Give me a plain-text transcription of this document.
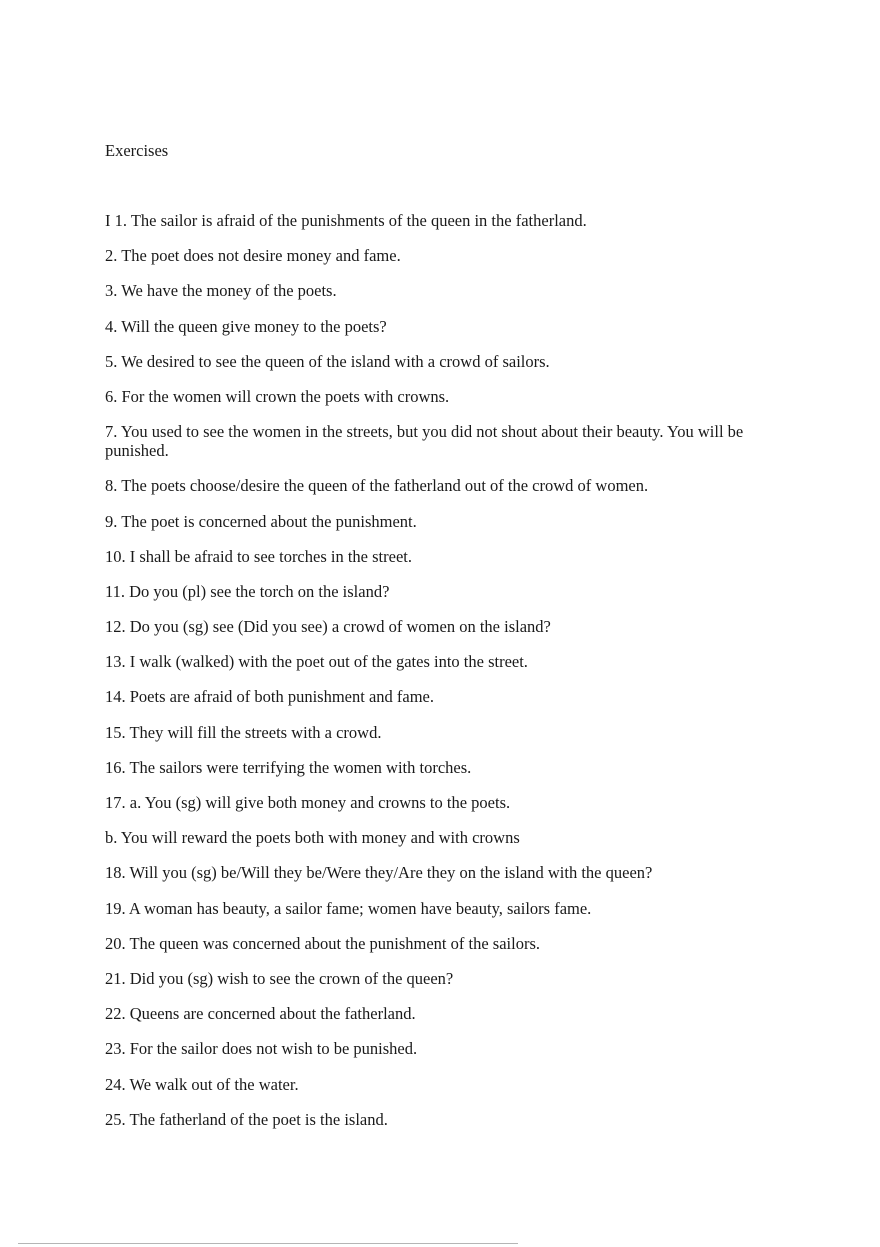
Exercises
I 1. The sailor is afraid of the punishments of the queen in the fatherland.
2. The poet does not desire money and fame.
3. We have the money of the poets.
4. Will the queen give money to the poets?
5. We desired to see the queen of the island with a crowd of sailors.
6. For the women will crown the poets with crowns.
7. You used to see the women in the streets, but you did not shout about their beauty. You will be punished.
8. The poets choose/desire the queen of the fatherland out of the crowd of women.
9. The poet is concerned about the punishment.
10. I shall be afraid to see torches in the street.
11. Do you (pl) see the torch on the island?
12. Do you (sg) see (Did you see) a crowd of women on the island?
13. I walk (walked) with the poet out of the gates into the street.
14. Poets are afraid of both punishment and fame.
15. They will fill the streets with a crowd.
16. The sailors were terrifying the women with torches.
17. a. You (sg) will give both money and crowns to the poets.
b. You will reward the poets both with money and with crowns
18. Will you (sg) be/Will they be/Were they/Are they on the island with the queen?
19. A woman has beauty, a sailor fame; women have beauty, sailors fame.
20. The queen was concerned about the punishment of the sailors.
21. Did you (sg) wish to see the crown of the queen?
22. Queens are concerned about the fatherland.
23. For the sailor does not wish to be punished.
24. We walk out of the water.
25. The fatherland of the poet is the island.
